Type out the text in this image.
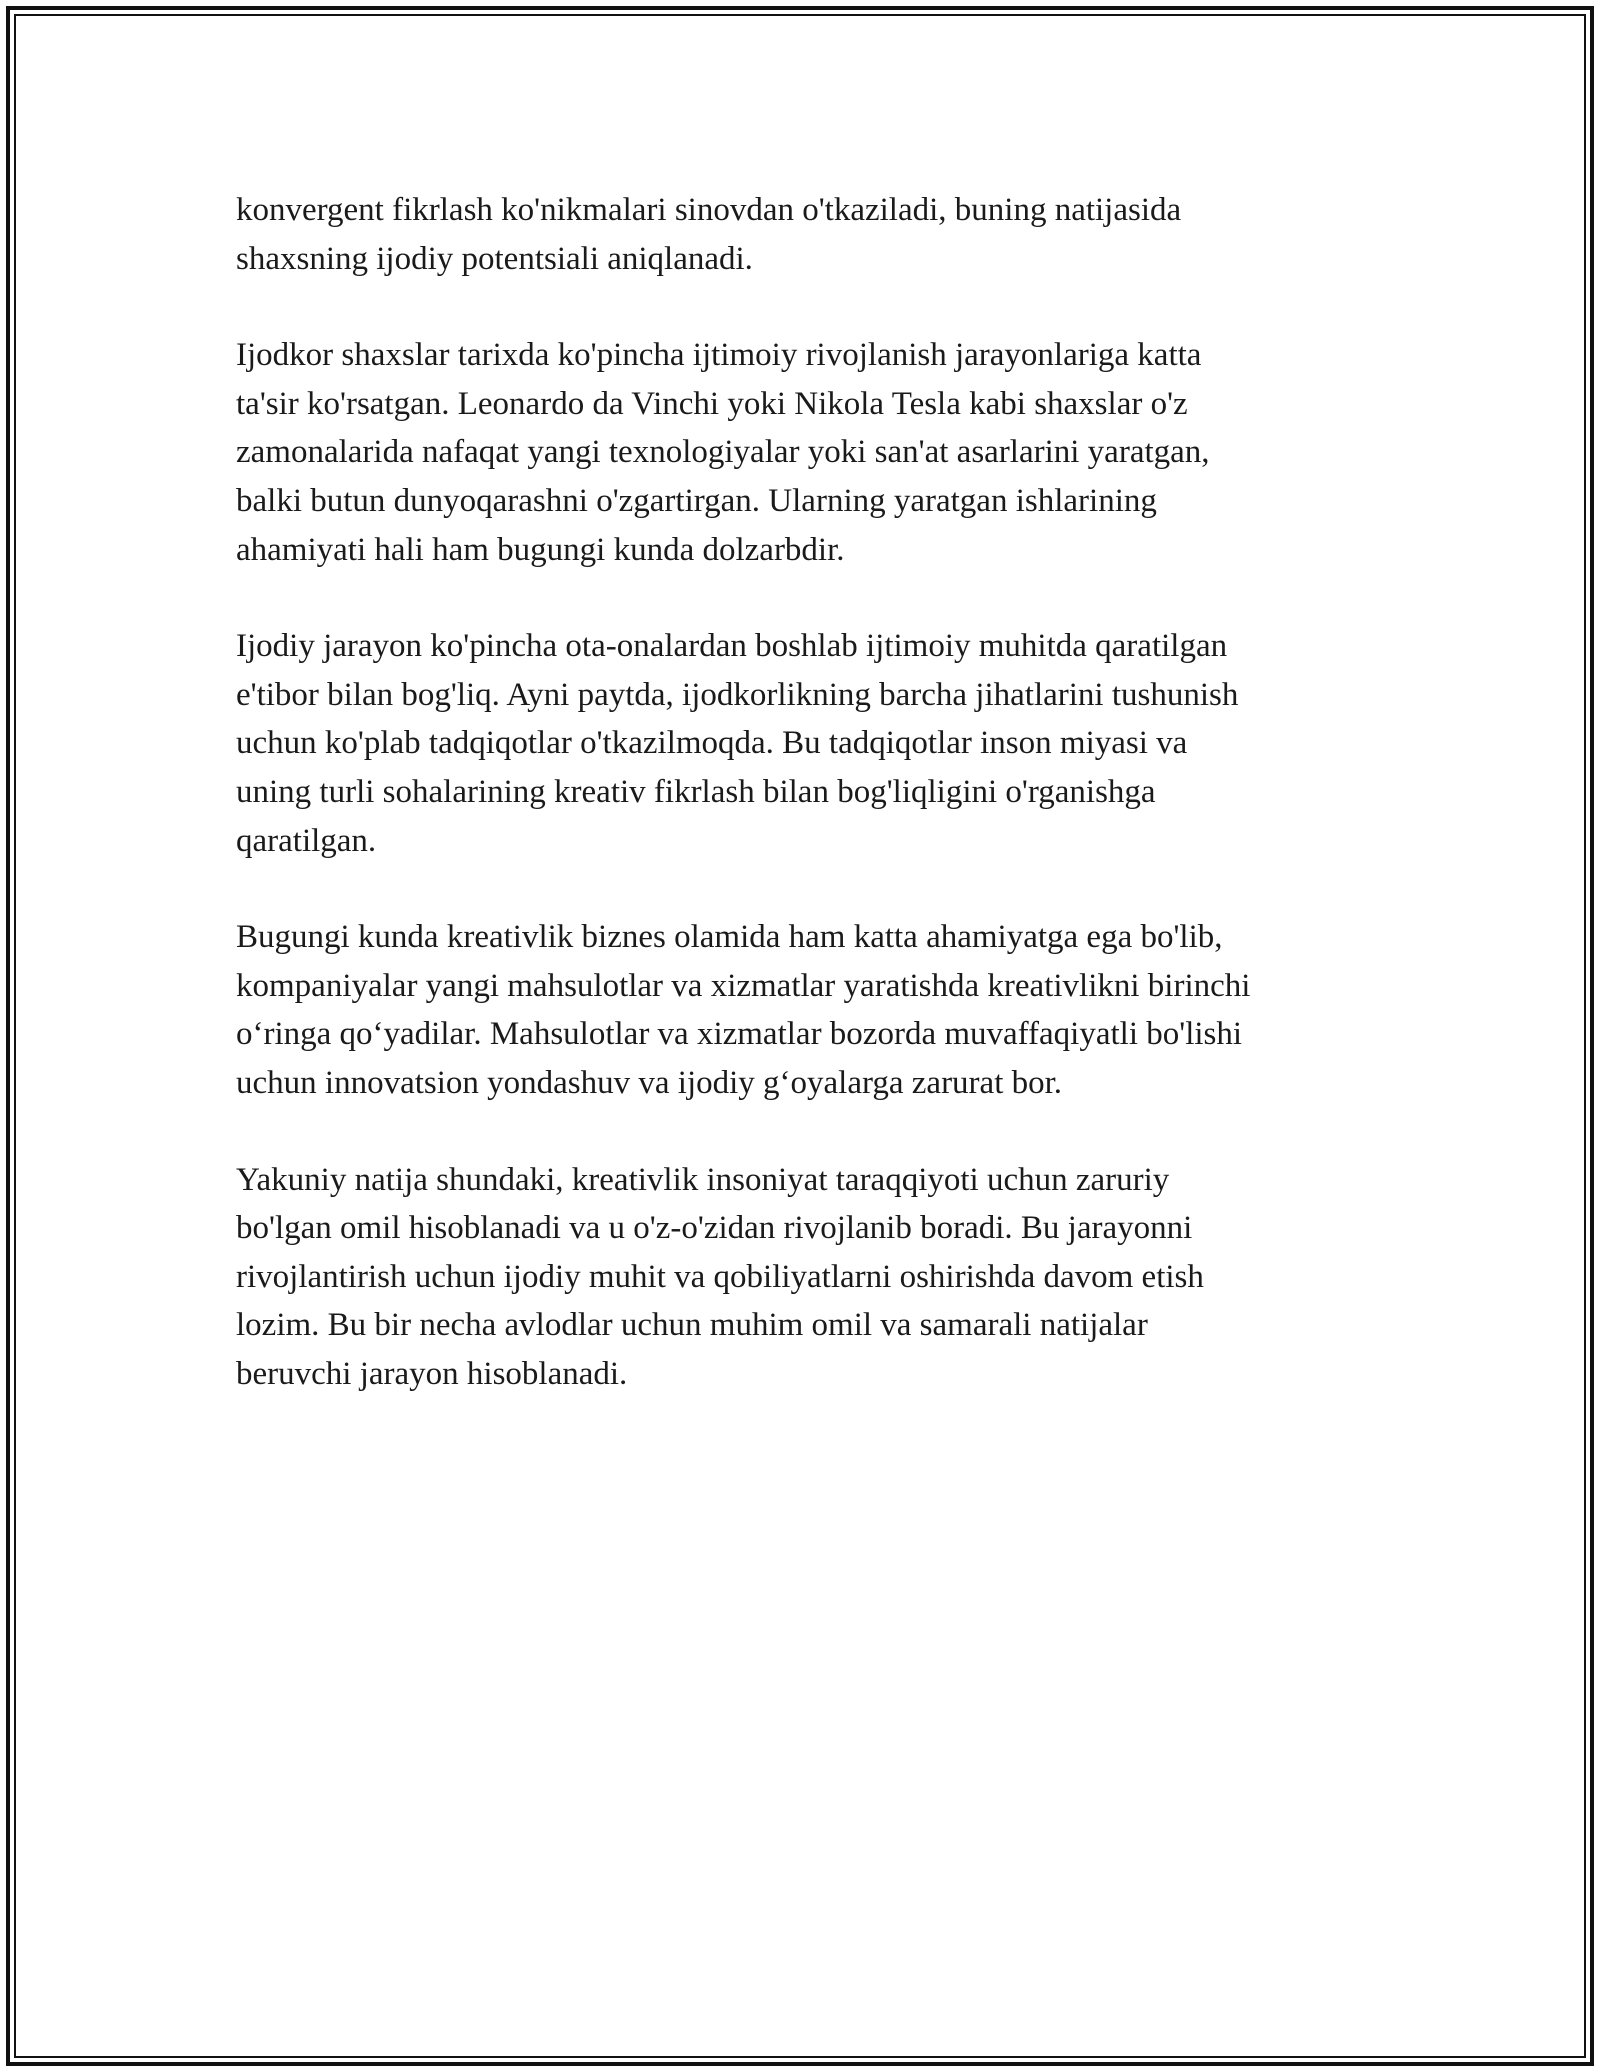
konvergent fikrlash ko'nikmalari sinovdan o'tkaziladi, buning natijasida
shaxsning ijodiy potentsiali aniqlanadi.

Ijodkor shaxslar tarixda ko'pincha ijtimoiy rivojlanish jarayonlariga katta
ta'sir ko'rsatgan. Leonardo da Vinchi yoki Nikola Tesla kabi shaxslar o'z
zamonalarida nafaqat yangi texnologiyalar yoki san'at asarlarini yaratgan,
balki butun dunyoqarashni o'zgartirgan. Ularning yaratgan ishlarining
ahamiyati hali ham bugungi kunda dolzarbdir.

Ijodiy jarayon ko'pincha ota-onalardan boshlab ijtimoiy muhitda qaratilgan
e'tibor bilan bog'liq. Ayni paytda, ijodkorlikning barcha jihatlarini tushunish
uchun ko'plab tadqiqotlar o'tkazilmoqda. Bu tadqiqotlar inson miyasi va
uning turli sohalarining kreativ fikrlash bilan bog'liqligini o'rganishga
qaratilgan.

Bugungi kunda kreativlik biznes olamida ham katta ahamiyatga ega bo'lib,
kompaniyalar yangi mahsulotlar va xizmatlar yaratishda kreativlikni birinchi
o‘ringa qo‘yadilar. Mahsulotlar va xizmatlar bozorda muvaffaqiyatli bo'lishi
uchun innovatsion yondashuv va ijodiy g‘oyalarga zarurat bor.

Yakuniy natija shundaki, kreativlik insoniyat taraqqiyoti uchun zaruriy
bo'lgan omil hisoblanadi va u o'z-o'zidan rivojlanib boradi. Bu jarayonni
rivojlantirish uchun ijodiy muhit va qobiliyatlarni oshirishda davom etish
lozim. Bu bir necha avlodlar uchun muhim omil va samarali natijalar
beruvchi jarayon hisoblanadi.
